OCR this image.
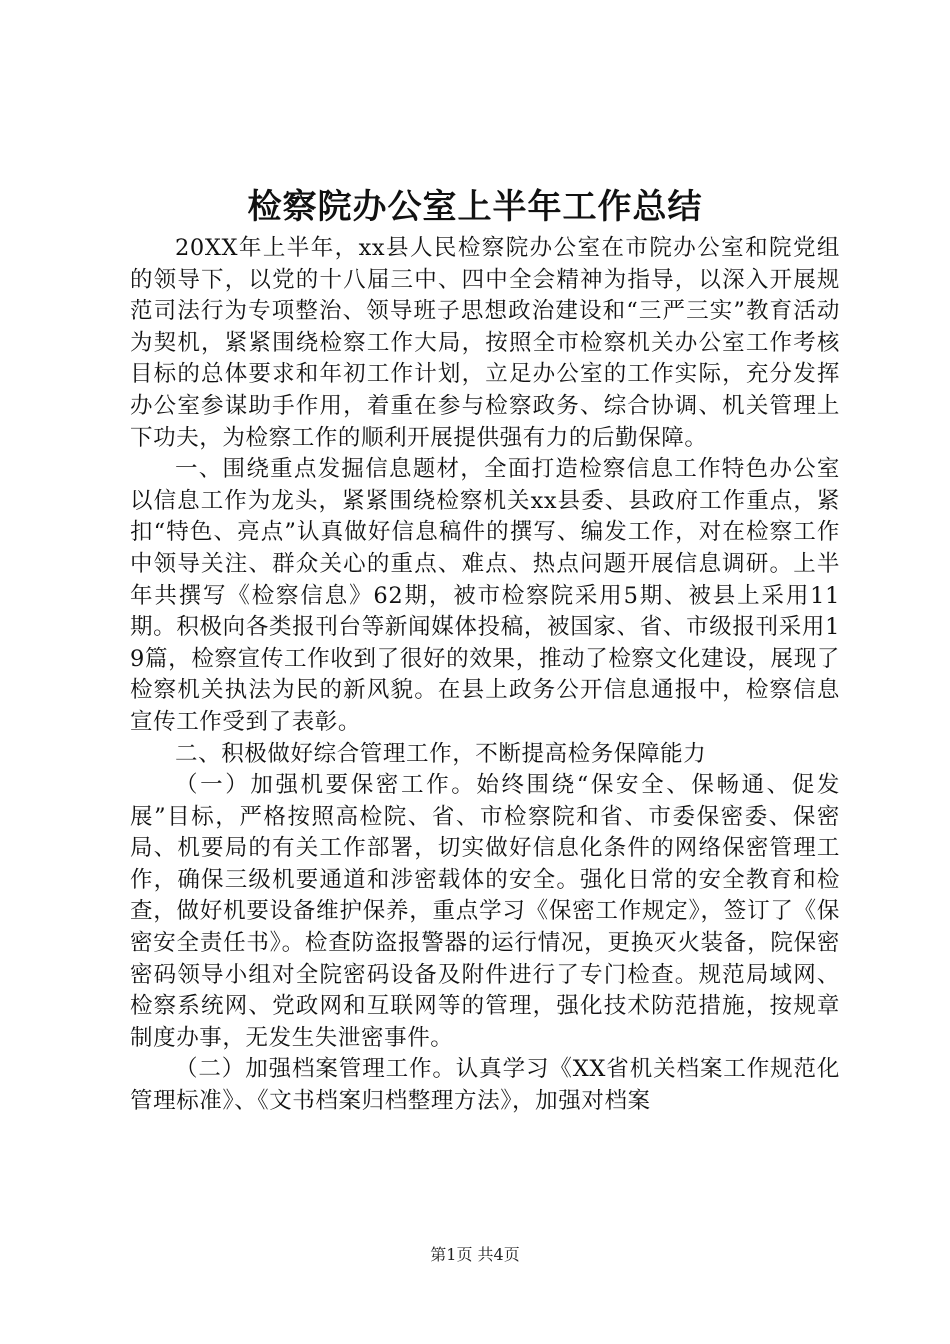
检察院办公室上半年工作总结

20XX年上半年，xx县人民检察院办公室在市院办公室和院党组的领导下，以党的十八届三中、四中全会精神为指导，以深入开展规范司法行为专项整治、领导班子思想政治建设和“三严三实”教育活动为契机，紧紧围绕检察工作大局，按照全市检察机关办公室工作考核目标的总体要求和年初工作计划，立足办公室的工作实际，充分发挥办公室参谋助手作用，着重在参与检察政务、综合协调、机关管理上下功夫，为检察工作的顺利开展提供强有力的后勤保障。

一、围绕重点发掘信息题材，全面打造检察信息工作特色办公室以信息工作为龙头，紧紧围绕检察机关xx县委、县政府工作重点，紧扣“特色、亮点”认真做好信息稿件的撰写、编发工作，对在检察工作中领导关注、群众关心的重点、难点、热点问题开展信息调研。上半年共撰写《检察信息》62期，被市检察院采用5期、被县上采用11期。积极向各类报刊台等新闻媒体投稿，被国家、省、市级报刊采用19篇，检察宣传工作收到了很好的效果，推动了检察文化建设，展现了检察机关执法为民的新风貌。在县上政务公开信息通报中，检察信息宣传工作受到了表彰。

二、积极做好综合管理工作，不断提高检务保障能力

（一）加强机要保密工作。始终围绕“保安全、保畅通、促发展”目标，严格按照高检院、省、市检察院和省、市委保密委、保密局、机要局的有关工作部署，切实做好信息化条件的网络保密管理工作，确保三级机要通道和涉密载体的安全。强化日常的安全教育和检查，做好机要设备维护保养，重点学习《保密工作规定》，签订了《保密安全责任书》。检查防盗报警器的运行情况，更换灭火装备，院保密密码领导小组对全院密码设备及附件进行了专门检查。规范局域网、检察系统网、党政网和互联网等的管理，强化技术防范措施，按规章制度办事，无发生失泄密事件。

（二）加强档案管理工作。认真学习《XX省机关档案工作规范化管理标准》、《文书档案归档整理方法》，加强对档案

第1页 共4页
